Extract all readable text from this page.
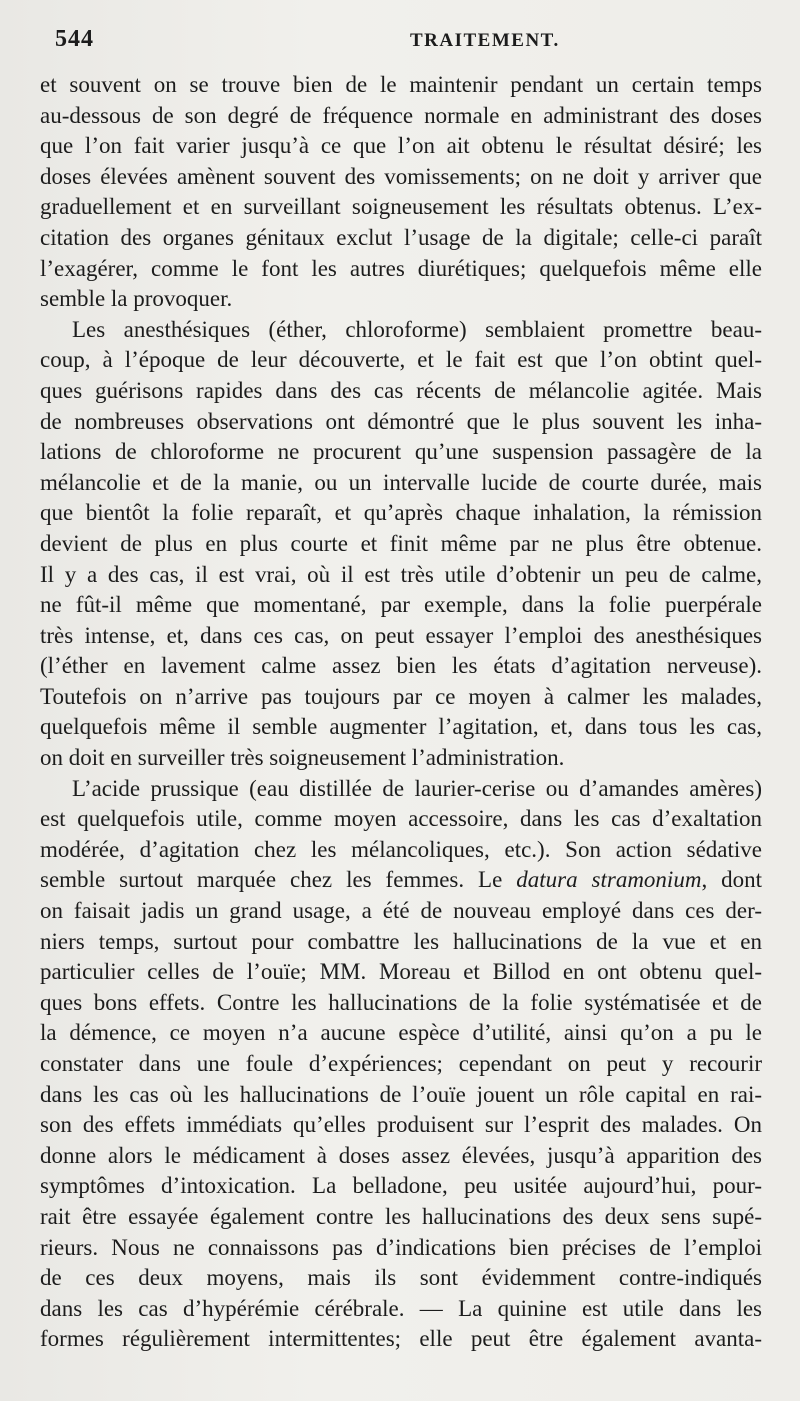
544	TRAITEMENT.
et souvent on se trouve bien de le maintenir pendant un certain temps
au-dessous de son degré de fréquence normale en administrant des doses
que l’on fait varier jusqu’à ce que l’on ait obtenu le résultat désiré; les
doses élevées amènent souvent des vomissements; on ne doit y arriver que
graduellement et en surveillant soigneusement les résultats obtenus. L’ex-
citation des organes génitaux exclut l’usage de la digitale; celle-ci paraît
l’exagérer, comme le font les autres diurétiques; quelquefois même elle
semble la provoquer.
Les anesthésiques (éther, chloroforme) semblaient promettre beau-
coup, à l’époque de leur découverte, et le fait est que l’on obtint quel-
ques guérisons rapides dans des cas récents de mélancolie agitée. Mais
de nombreuses observations ont démontré que le plus souvent les inha-
lations de chloroforme ne procurent qu’une suspension passagère de la
mélancolie et de la manie, ou un intervalle lucide de courte durée, mais
que bientôt la folie reparaît, et qu’après chaque inhalation, la rémission
devient de plus en plus courte et finit même par ne plus être obtenue.
Il y a des cas, il est vrai, où il est très utile d’obtenir un peu de calme,
ne fût-il même que momentané, par exemple, dans la folie puerpérale
très intense, et, dans ces cas, on peut essayer l’emploi des anesthésiques
(l’éther en lavement calme assez bien les états d’agitation nerveuse).
Toutefois on n’arrive pas toujours par ce moyen à calmer les malades,
quelquefois même il semble augmenter l’agitation, et, dans tous les cas,
on doit en surveiller très soigneusement l’administration.
L’acide prussique (eau distillée de laurier-cerise ou d’amandes amères)
est quelquefois utile, comme moyen accessoire, dans les cas d’exaltation
modérée, d’agitation chez les mélancoliques, etc.). Son action sédative
semble surtout marquée chez les femmes. Le datura stramonium, dont
on faisait jadis un grand usage, a été de nouveau employé dans ces der-
niers temps, surtout pour combattre les hallucinations de la vue et en
particulier celles de l’ouïe; MM. Moreau et Billod en ont obtenu quel-
ques bons effets. Contre les hallucinations de la folie systématisée et de
la démence, ce moyen n’a aucune espèce d’utilité, ainsi qu’on a pu le
constater dans une foule d’expériences; cependant on peut y recourir
dans les cas où les hallucinations de l’ouïe jouent un rôle capital en rai-
son des effets immédiats qu’elles produisent sur l’esprit des malades. On
donne alors le médicament à doses assez élevées, jusqu’à apparition des
symptômes d’intoxication. La belladone, peu usitée aujourd’hui, pour-
rait être essayée également contre les hallucinations des deux sens supé-
rieurs. Nous ne connaissons pas d’indications bien précises de l’emploi
de ces deux moyens, mais ils sont évidemment contre-indiqués
dans les cas d’hypérémie cérébrale. — La quinine est utile dans les
formes régulièrement intermittentes; elle peut être également avanta-
